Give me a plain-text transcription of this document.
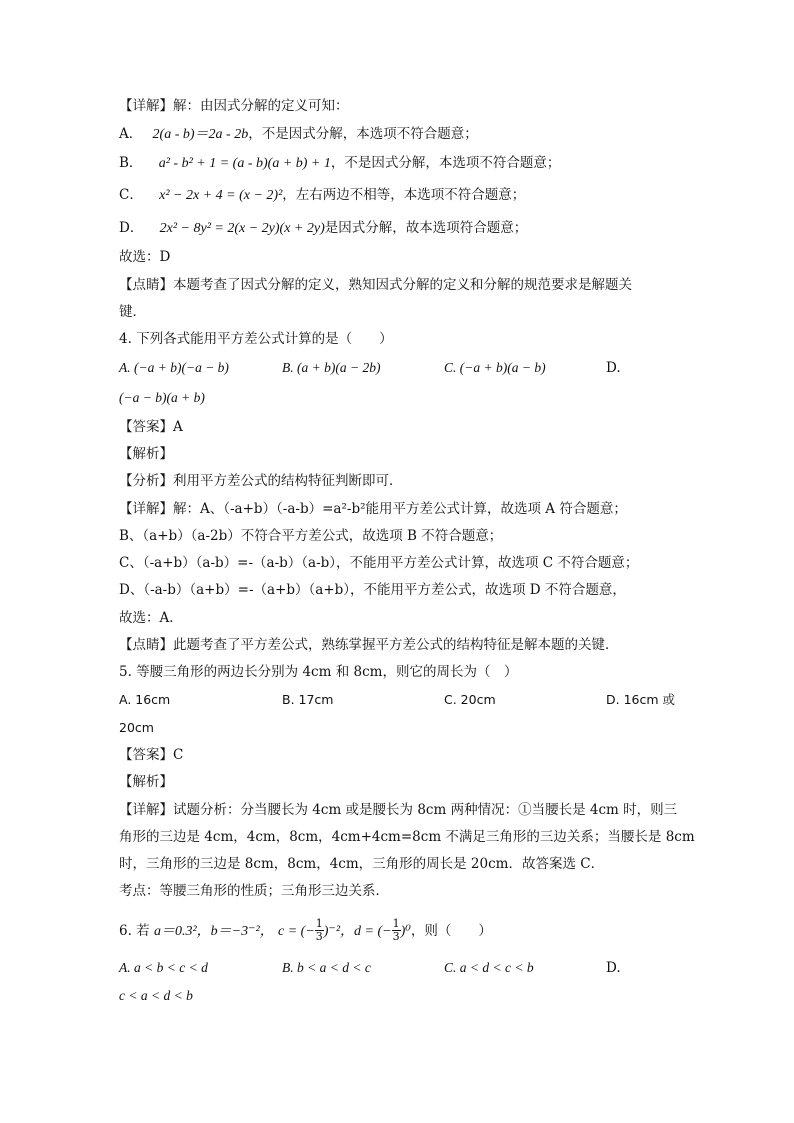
【详解】解：由因式分解的定义可知：
A． 2(a - b)＝2a - 2b，不是因式分解，本选项不符合题意；
B． a² - b² + 1 = (a - b)(a + b) + 1，不是因式分解，本选项不符合题意；
C． x² − 2x + 4 = (x − 2)²，左右两边不相等，本选项不符合题意；
D． 2x² − 8y² = 2(x − 2y)(x + 2y)是因式分解，故本选项符合题意；
故选：D
【点睛】本题考查了因式分解的定义，熟知因式分解的定义和分解的规范要求是解题关
键．
4. 下列各式能用平方差公式计算的是（　　）
A. (−a + b)(−a − b)	B. (a + b)(a − 2b)	C. (−a + b)(a − b)	D.
(−a − b)(a + b)
【答案】A
【解析】
【分析】利用平方差公式的结构特征判断即可．
【详解】解：A、（-a+b）（-a-b）=a²-b²能用平方差公式计算，故选项 A 符合题意；
B、（a+b）（a-2b）不符合平方差公式，故选项 B 不符合题意；
C、（-a+b）（a-b）=-（a-b）（a-b），不能用平方差公式计算，故选项 C 不符合题意；
D、（-a-b）（a+b）=-（a+b）（a+b），不能用平方差公式，故选项 D 不符合题意，
故选：A．
【点睛】此题考查了平方差公式，熟练掌握平方差公式的结构特征是解本题的关键．
5. 等腰三角形的两边长分别为 4cm 和 8cm，则它的周长为（　）
A. 16cm	B. 17cm	C. 20cm	D. 16cm 或
20cm
【答案】C
【解析】
【详解】试题分析：分当腰长为 4cm 或是腰长为 8cm 两种情况：①当腰长是 4cm 时，则三
角形的三边是 4cm，4cm，8cm，4cm+4cm=8cm 不满足三角形的三边关系；当腰长是 8cm
时，三角形的三边是 8cm，8cm，4cm，三角形的周长是 20cm．故答案选 C．
考点：等腰三角形的性质；三角形三边关系．
6. 若 a＝0.3²，b＝−3⁻²， c = (− $\frac{1}{3} )^{-2}$，d = (− $\frac{1}{3} )^0$，则（　　）
A. a < b < c < d	B. b < a < d < c	C. a < d < c < b	D.
c < a < d < b
